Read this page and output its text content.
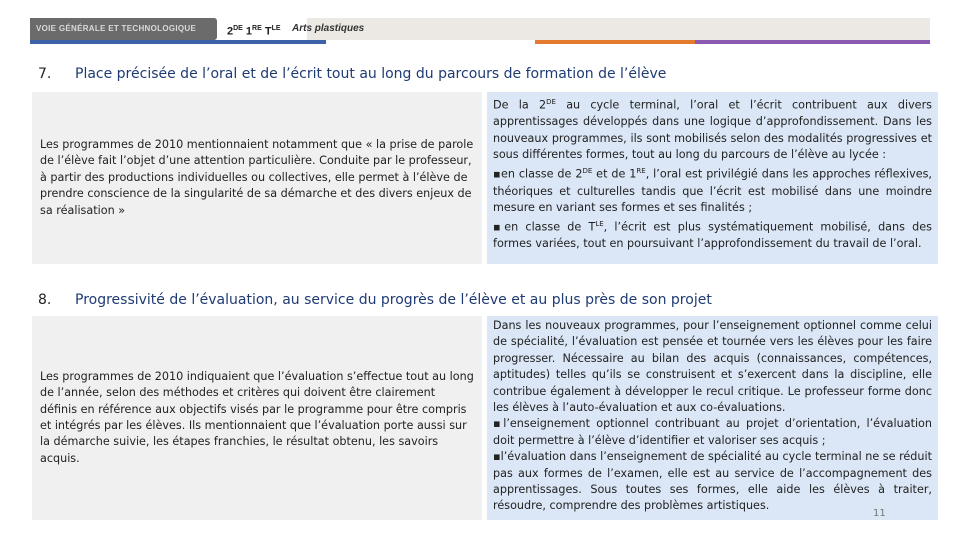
VOIE GÉNÉRALE ET TECHNOLOGIQUE	2DE 1RE $T^{LE}$	Arts plastiques
7. Place précisée de l’oral et de l’écrit tout au long du parcours de formation de l’élève

Les programmes de 2010 mentionnaient notamment que « la prise de parole de l’élève fait l’objet d’une attention particulière. Conduite par le professeur, à partir des productions individuelles ou collectives, elle permet à l’élève de prendre conscience de la singularité de sa démarche et des divers enjeux de sa réalisation »

De la 2DE au cycle terminal, l’oral et l’écrit contribuent aux divers apprentissages développés dans une logique d’approfondissement. Dans les nouveaux programmes, ils sont mobilisés selon des modalités progressives et sous différentes formes, tout au long du parcours de l’élève au lycée :

▪en classe de 2DE et de 1RE, l’oral est privilégié dans les approches réflexives, théoriques et culturelles tandis que l’écrit est mobilisé dans une moindre mesure en variant ses formes et ses finalités ;

▪en classe de $T^{LE}$, l’écrit est plus systématiquement mobilisé, dans des formes variées, tout en poursuivant l’approfondissement du travail de l’oral.

8. Progressivité de l’évaluation, au service du progrès de l’élève et au plus près de son projet

Les programmes de 2010 indiquaient que l’évaluation s’effectue tout au long de l’année, selon des méthodes et critères qui doivent être clairement définis en référence aux objectifs visés par le programme pour être compris et intégrés par les élèves. Ils mentionnaient que l’évaluation porte aussi sur la démarche suivie, les étapes franchies, le résultat obtenu, les savoirs acquis.

Dans les nouveaux programmes, pour l’enseignement optionnel comme celui de spécialité, l’évaluation est pensée et tournée vers les élèves pour les faire progresser. Nécessaire au bilan des acquis (connaissances, compétences, aptitudes) telles qu’ils se construisent et s’exercent dans la discipline, elle contribue également à développer le recul critique. Le professeur forme donc les élèves à l’auto-évaluation et aux co-évaluations.

▪l’enseignement optionnel contribuant au projet d’orientation, l’évaluation doit permettre à l’élève d’identifier et valoriser ses acquis ;

▪l’évaluation dans l’enseignement de spécialité au cycle terminal ne se réduit pas aux formes de l’examen, elle est au service de l’accompagnement des apprentissages. Sous toutes ses formes, elle aide les élèves à traiter, résoudre, comprendre des problèmes artistiques.

11
